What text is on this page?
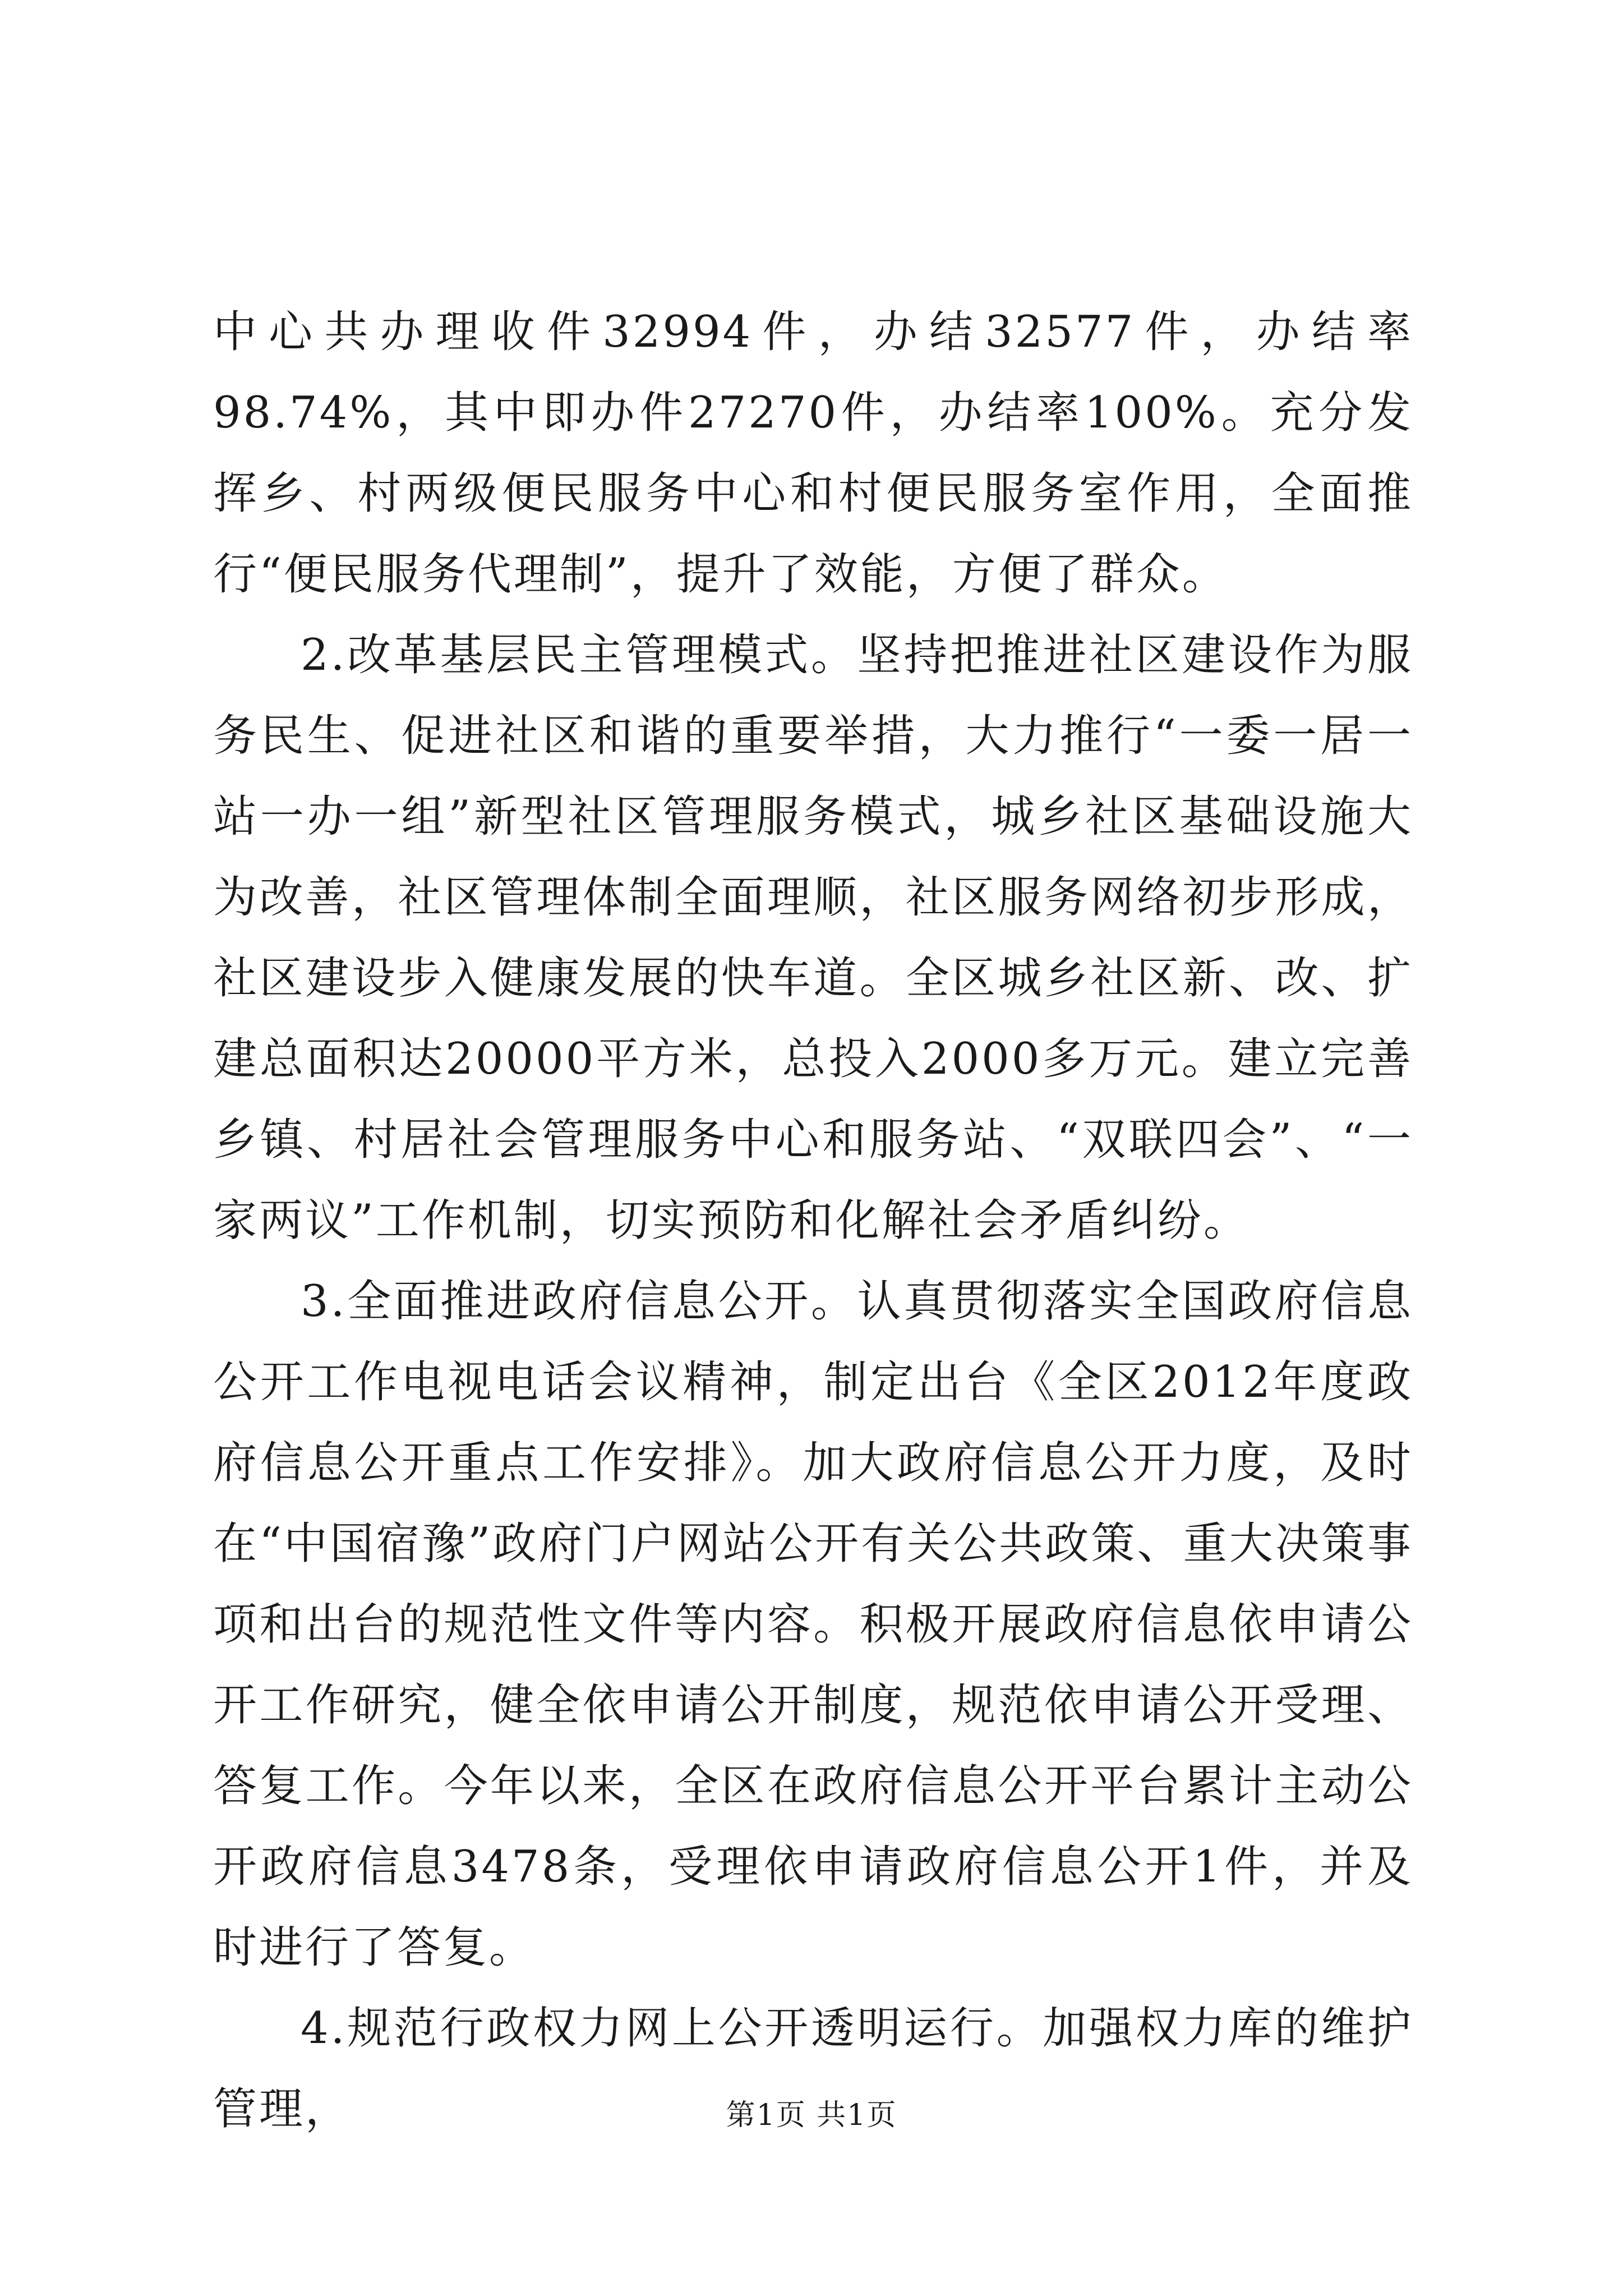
中心共办理收件32994件，办结32577件，办结率98.74%，其中即办件27270件，办结率100%。充分发挥乡、村两级便民服务中心和村便民服务室作用，全面推行“便民服务代理制”，提升了效能，方便了群众。

2.改革基层民主管理模式。坚持把推进社区建设作为服务民生、促进社区和谐的重要举措，大力推行“一委一居一站一办一组”新型社区管理服务模式，城乡社区基础设施大为改善，社区管理体制全面理顺，社区服务网络初步形成，社区建设步入健康发展的快车道。全区城乡社区新、改、扩建总面积达20000平方米，总投入2000多万元。建立完善乡镇、村居社会管理服务中心和服务站、“双联四会”、“一家两议”工作机制，切实预防和化解社会矛盾纠纷。

3.全面推进政府信息公开。认真贯彻落实全国政府信息公开工作电视电话会议精神，制定出台《全区2012年度政府信息公开重点工作安排》。加大政府信息公开力度，及时在“中国宿豫”政府门户网站公开有关公共政策、重大决策事项和出台的规范性文件等内容。积极开展政府信息依申请公开工作研究，健全依申请公开制度，规范依申请公开受理、答复工作。今年以来，全区在政府信息公开平台累计主动公开政府信息3478条，受理依申请政府信息公开1件，并及时进行了答复。

4.规范行政权力网上公开透明运行。加强权力库的维护管理，	第1页 共1页
